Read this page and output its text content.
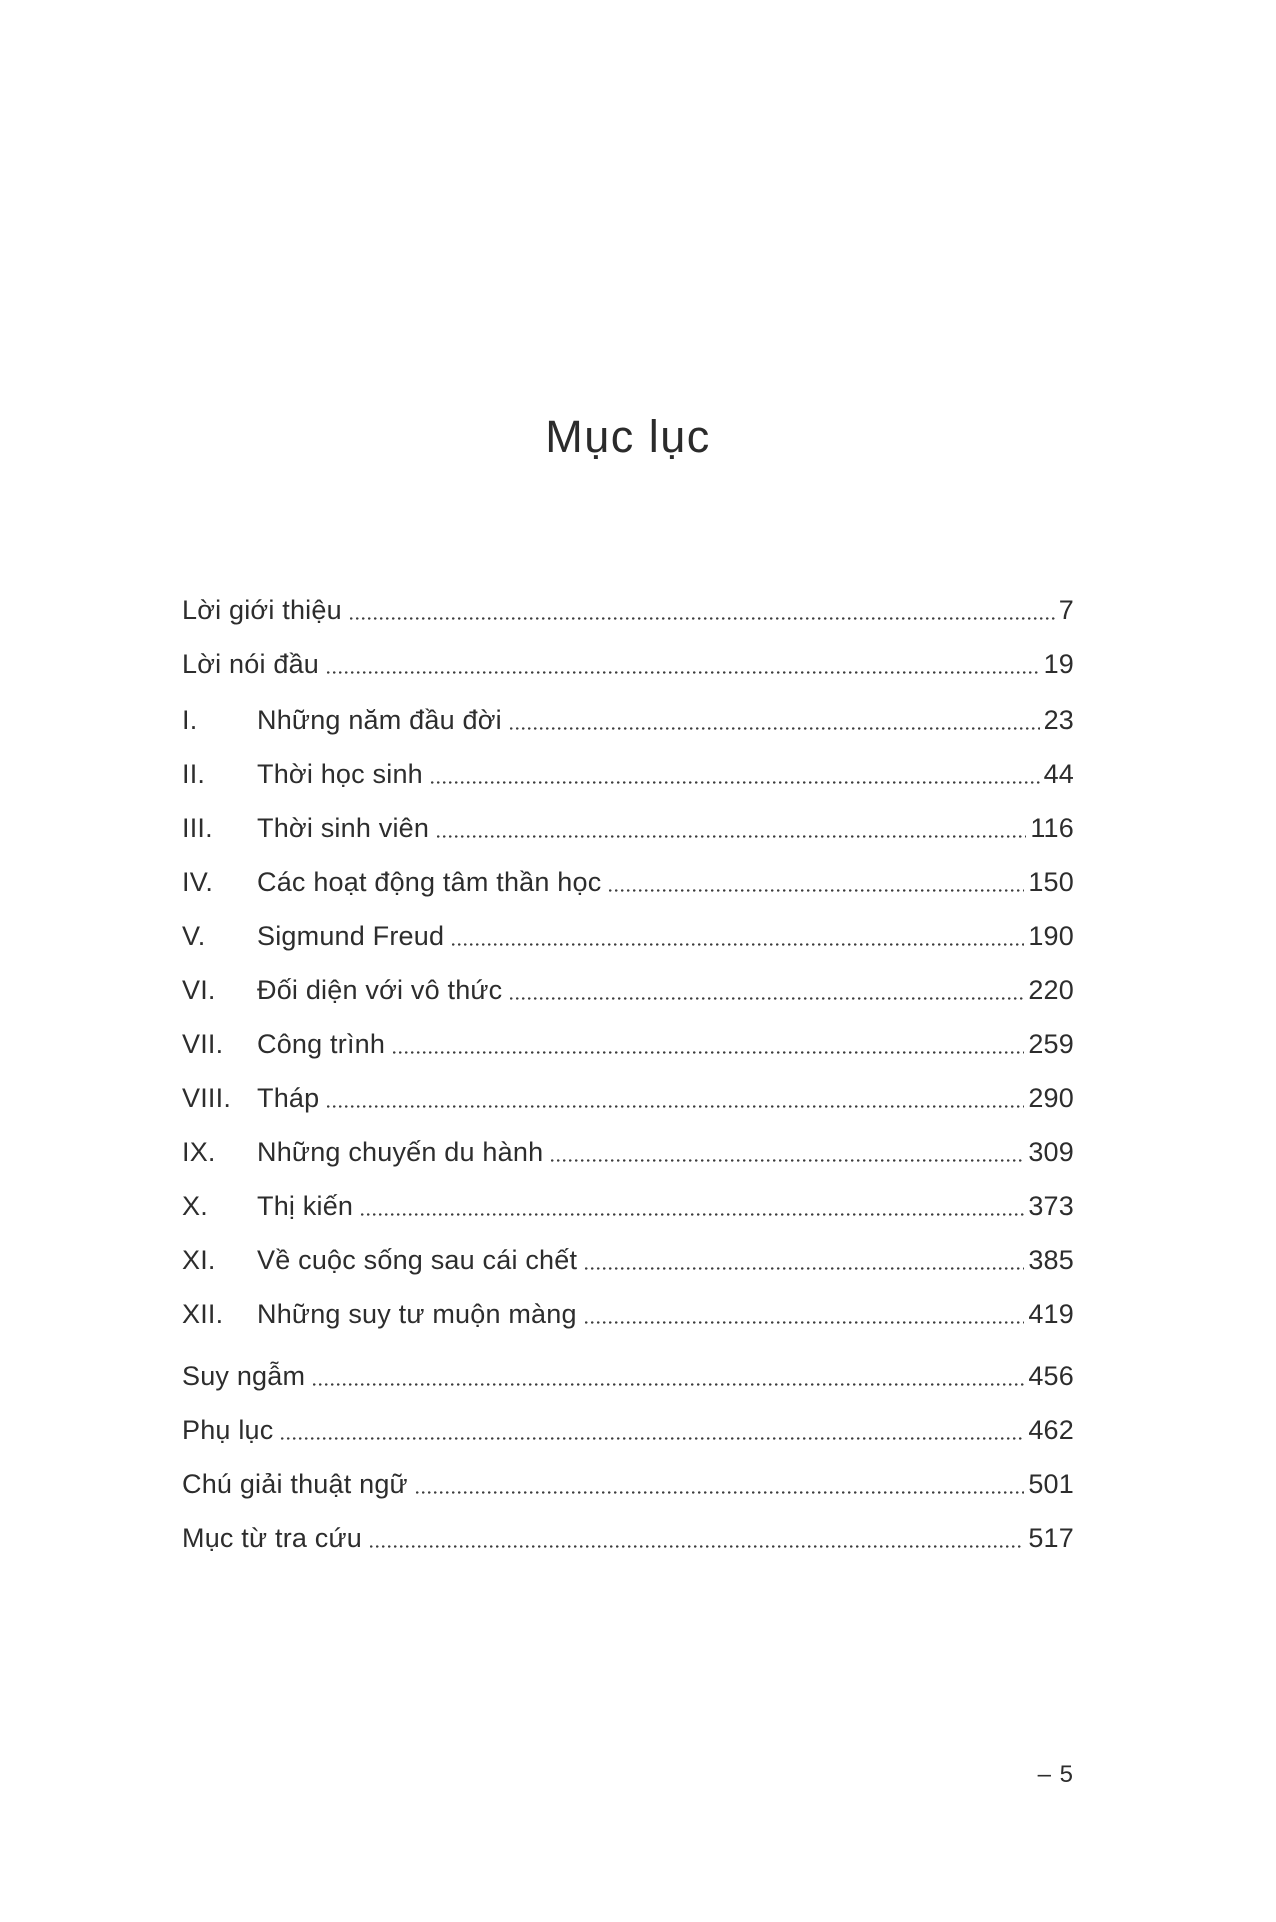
Mục lục
Lời giới thiệu	7
Lời nói đầu	19
I.	Những năm đầu đời	23
II.	Thời học sinh	44
III.	Thời sinh viên	116
IV.	Các hoạt động tâm thần học	150
V.	Sigmund Freud	190
VI.	Đối diện với vô thức	220
VII.	Công trình	259
VIII. Tháp	290
IX.	Những chuyến du hành	309
X.	Thị kiến	373
XI.	Về cuộc sống sau cái chết	385
XII.	Những suy tư muộn màng	419
Suy ngẫm	456
Phụ lục	462
Chú giải thuật ngữ	501
Mục từ tra cứu	517
– 5
